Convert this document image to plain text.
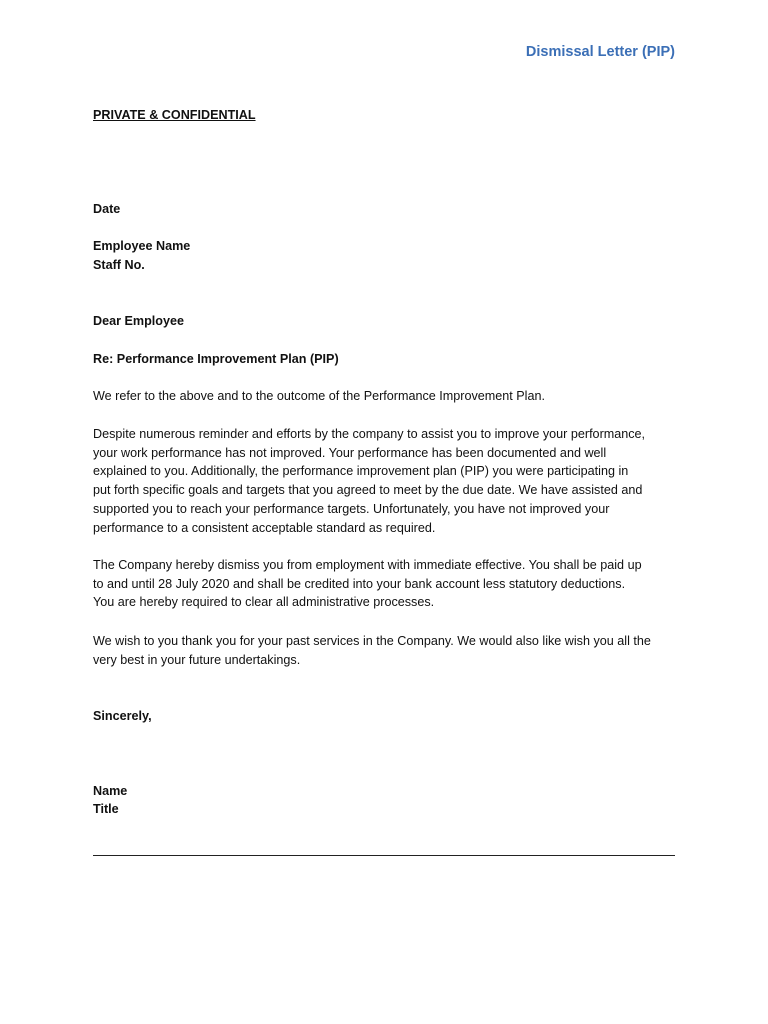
Dismissal Letter (PIP)
PRIVATE & CONFIDENTIAL
Date
Employee Name
Staff No.
Dear Employee
Re: Performance Improvement Plan (PIP)
We refer to the above and to the outcome of the Performance Improvement Plan.
Despite numerous reminder and efforts by the company to assist you to improve your performance,
your work performance has not improved. Your performance has been documented and well
explained to you. Additionally, the performance improvement plan (PIP) you were participating in
put forth specific goals and targets that you agreed to meet by the due date. We have assisted and
supported you to reach your performance targets. Unfortunately, you have not improved your
performance to a consistent acceptable standard as required.
The Company hereby dismiss you from employment with immediate effective. You shall be paid up
to and until 28 July 2020 and shall be credited into your bank account less statutory deductions.
You are hereby required to clear all administrative processes.
We wish to you thank you for your past services in the Company. We would also like wish you all the
very best in your future undertakings.
Sincerely,
Name
Title
